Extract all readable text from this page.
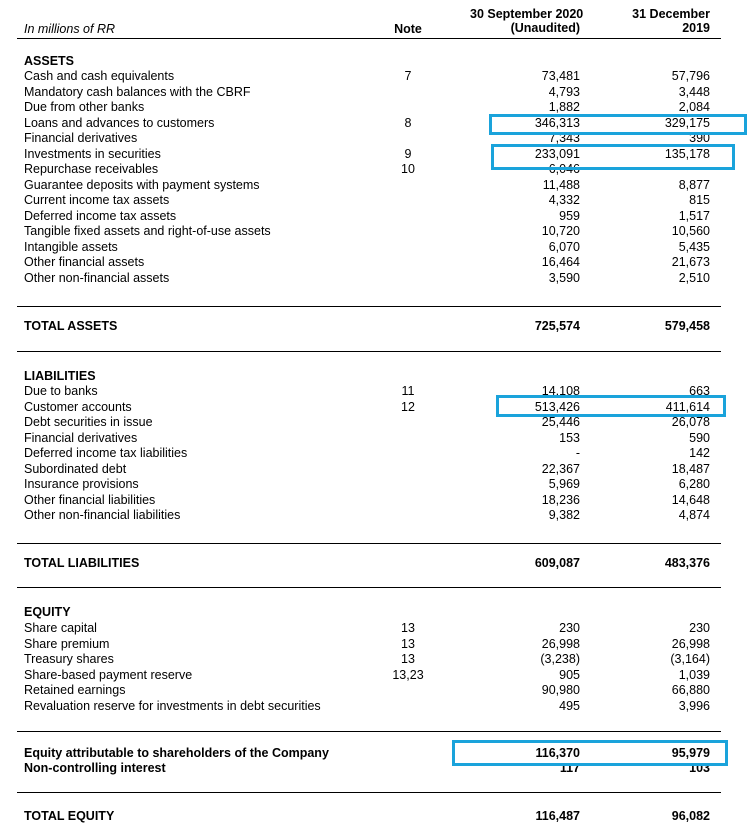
In millions of RR	Note
30 September 2020
(Unaudited)
31 December
2019
ASSETS
Cash and cash equivalents	7	73,481	57,796
Mandatory cash balances with the CBRF	4,793	3,448
Due from other banks	1,882	2,084
Loans and advances to customers	8	346,313	329,175
Financial derivatives	7,343	390
Investments in securities	9	233,091	135,178
Repurchase receivables	10	6,046
Guarantee deposits with payment systems	11,488	8,877
Current income tax assets	4,332	815
Deferred income tax assets	959	1,517
Tangible fixed assets and right-of-use assets	10,720	10,560
Intangible assets	6,070	5,435
Other financial assets	16,464	21,673
Other non-financial assets	3,590	2,510
TOTAL ASSETS	725,574	579,458
LIABILITIES
Due to banks	11	14,108	663
Customer accounts	12	513,426	411,614
Debt securities in issue	25,446	26,078
Financial derivatives	153	590
Deferred income tax liabilities	-	142
Subordinated debt	22,367	18,487
Insurance provisions	5,969	6,280
Other financial liabilities	18,236	14,648
Other non-financial liabilities	9,382	4,874
TOTAL LIABILITIES	609,087	483,376
EQUITY
Share capital	13	230	230
Share premium	13	26,998	26,998
Treasury shares	13	(3,238)	(3,164)
Share-based payment reserve	13,23	905	1,039
Retained earnings	90,980	66,880
Revaluation reserve for investments in debt securities	495	3,996
Equity attributable to shareholders of the Company	116,370	95,979
Non-controlling interest	117	103
TOTAL EQUITY	116,487	96,082
